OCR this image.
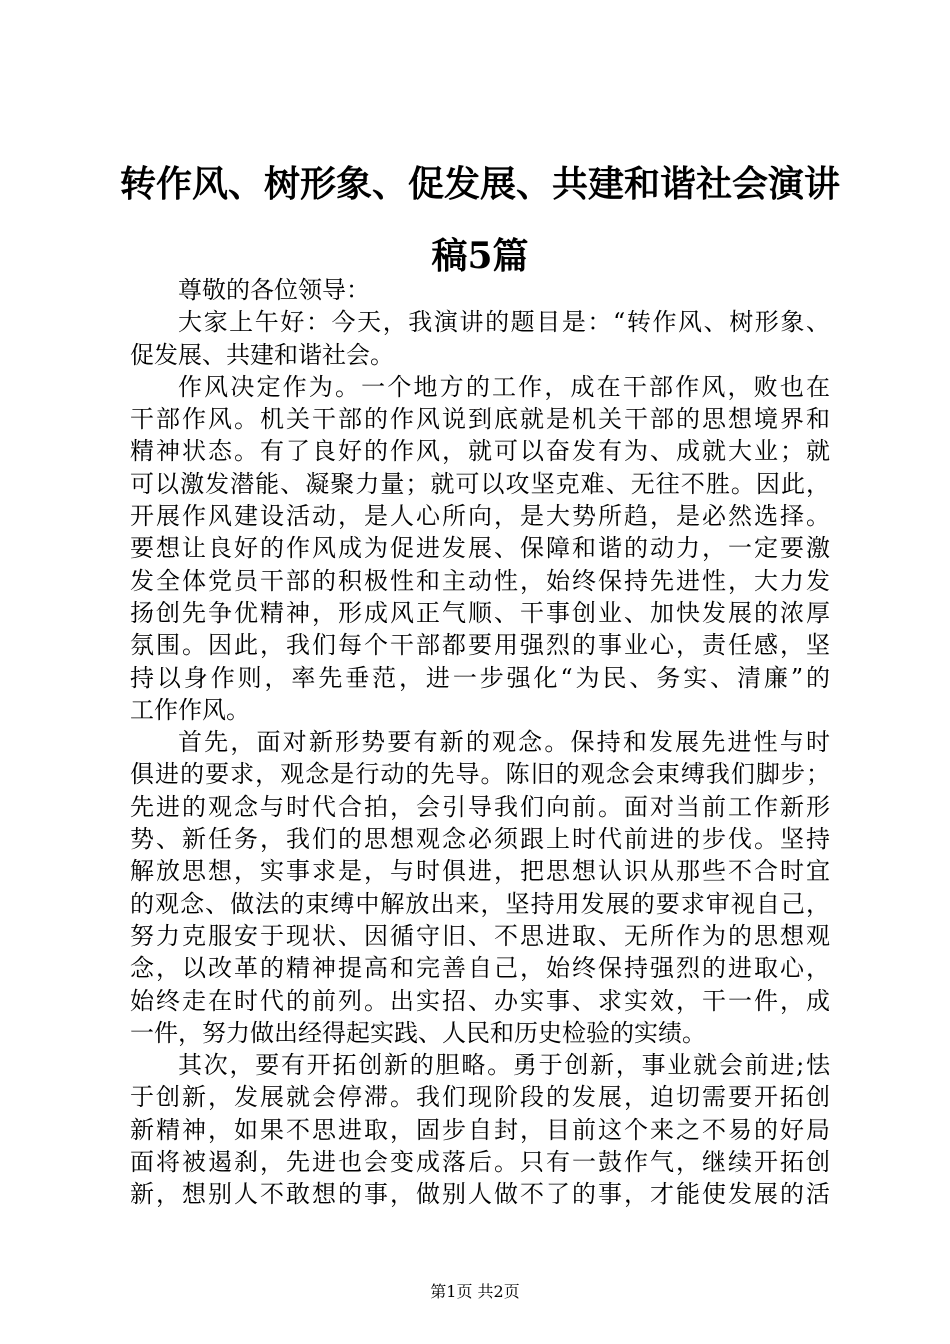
转作风、树形象、促发展、共建和谐社会演讲
稿5篇
尊敬的各位领导：
大家上午好：今天，我演讲的题目是：“转作风、树形象、
促发展、共建和谐社会。
作风决定作为。一个地方的工作，成在干部作风，败也在
干部作风。机关干部的作风说到底就是机关干部的思想境界和
精神状态。有了良好的作风，就可以奋发有为、成就大业；就
可以激发潜能、凝聚力量；就可以攻坚克难、无往不胜。因此，
开展作风建设活动，是人心所向，是大势所趋，是必然选择。
要想让良好的作风成为促进发展、保障和谐的动力，一定要激
发全体党员干部的积极性和主动性，始终保持先进性，大力发
扬创先争优精神，形成风正气顺、干事创业、加快发展的浓厚
氛围。因此，我们每个干部都要用强烈的事业心，责任感，坚
持以身作则，率先垂范，进一步强化“为民、务实、清廉”的
工作作风。
首先，面对新形势要有新的观念。保持和发展先进性与时
俱进的要求，观念是行动的先导。陈旧的观念会束缚我们脚步；
先进的观念与时代合拍，会引导我们向前。面对当前工作新形
势、新任务，我们的思想观念必须跟上时代前进的步伐。坚持
解放思想，实事求是，与时俱进，把思想认识从那些不合时宜
的观念、做法的束缚中解放出来，坚持用发展的要求审视自己，
努力克服安于现状、因循守旧、不思进取、无所作为的思想观
念，以改革的精神提高和完善自己，始终保持强烈的进取心，
始终走在时代的前列。出实招、办实事、求实效，干一件，成
一件，努力做出经得起实践、人民和历史检验的实绩。
其次，要有开拓创新的胆略。勇于创新，事业就会前进;怯
于创新，发展就会停滞。我们现阶段的发展，迫切需要开拓创
新精神，如果不思进取，固步自封，目前这个来之不易的好局
面将被遏刹，先进也会变成落后。只有一鼓作气，继续开拓创
新，想别人不敢想的事，做别人做不了的事，才能使发展的活
第1页 共2页
